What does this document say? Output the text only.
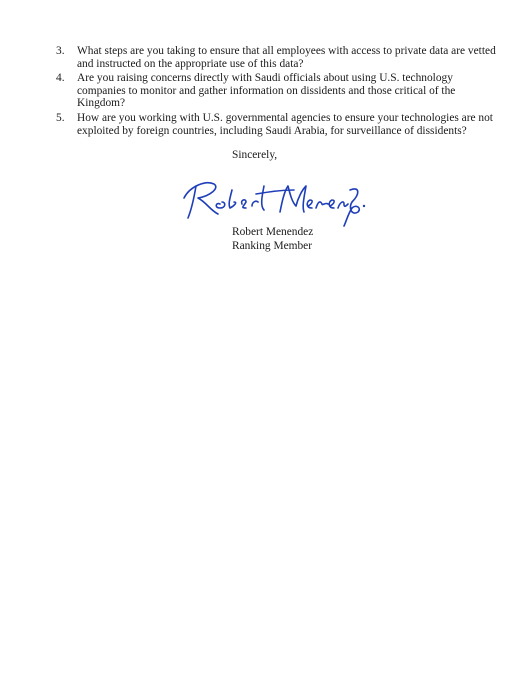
3. What steps are you taking to ensure that all employees with access to private data are vetted and instructed on the appropriate use of this data?
4. Are you raising concerns directly with Saudi officials about using U.S. technology companies to monitor and gather information on dissidents and those critical of the Kingdom?
5. How are you working with U.S. governmental agencies to ensure your technologies are not exploited by foreign countries, including Saudi Arabia, for surveillance of dissidents?
Sincerely,
Robert Menendez
Ranking Member
